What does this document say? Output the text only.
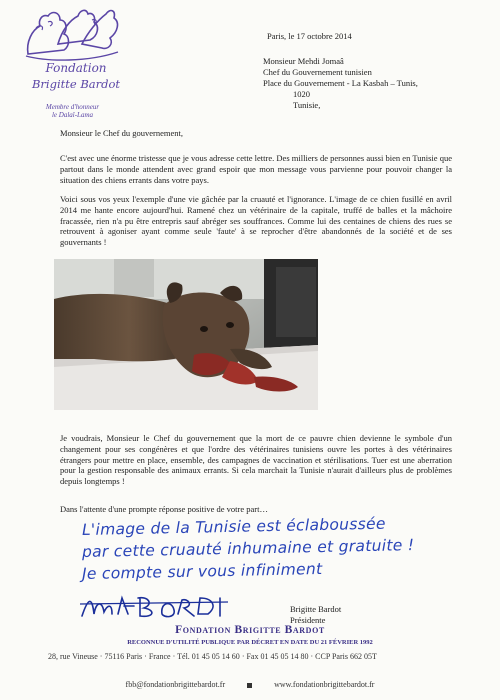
Fondation
Brigitte Bardot
Membre d'honneur
le Dalaï-Lama
Paris, le 17 octobre 2014
Monsieur Mehdi Jomaâ
Chef du Gouvernement tunisien
Place du Gouvernement - La Kasbah – Tunis,
1020
Tunisie,
Monsieur le Chef du gouvernement,
C'est avec une énorme tristesse que je vous adresse cette lettre. Des milliers de personnes aussi bien en Tunisie que partout dans le monde attendent avec grand espoir que mon message vous parvienne pour pouvoir changer la situation des chiens errants dans votre pays.
Voici sous vos yeux l'exemple d'une vie gâchée par la cruauté et l'ignorance. L'image de ce chien fusillé en avril 2014 me hante encore aujourd'hui. Ramené chez un vétérinaire de la capitale, truffé de balles et la mâchoire fracassée, rien n'a pu être entrepris sauf abréger ses souffrances. Comme lui des centaines de chiens des rues se retrouvent à agoniser ayant comme seule 'faute' à se reprocher d'être abandonnés de la société et de ses gouvernants !
Je voudrais, Monsieur le Chef du gouvernement que la mort de ce pauvre chien devienne le symbole d'un changement pour ses congénères et que l'ordre des vétérinaires tunisiens ouvre les portes à des vétérinaires étrangers pour mettre en place, ensemble, des campagnes de vaccination et stérilisations. Tuer est une aberration pour la gestion responsable des animaux errants. Si cela marchait la Tunisie n'aurait d'ailleurs plus de problèmes depuis longtemps !
Dans l'attente d'une prompte réponse positive de votre part…
L'image de la Tunisie est éclaboussée
par cette cruauté inhumaine et gratuite !
Je compte sur vous infiniment
Brigitte Bardot
Présidente
Fondation Brigitte Bardot
RECONNUE D'UTILITÉ PUBLIQUE PAR DÉCRET EN DATE DU 21 FÉVRIER 1992
28, rue Vineuse · 75116 Paris · France · Tél. 01 45 05 14 60 · Fax 01 45 05 14 80 · CCP Paris 662 05T
fbb@fondationbrigittebardot.fr	www.fondationbrigittebardot.fr
